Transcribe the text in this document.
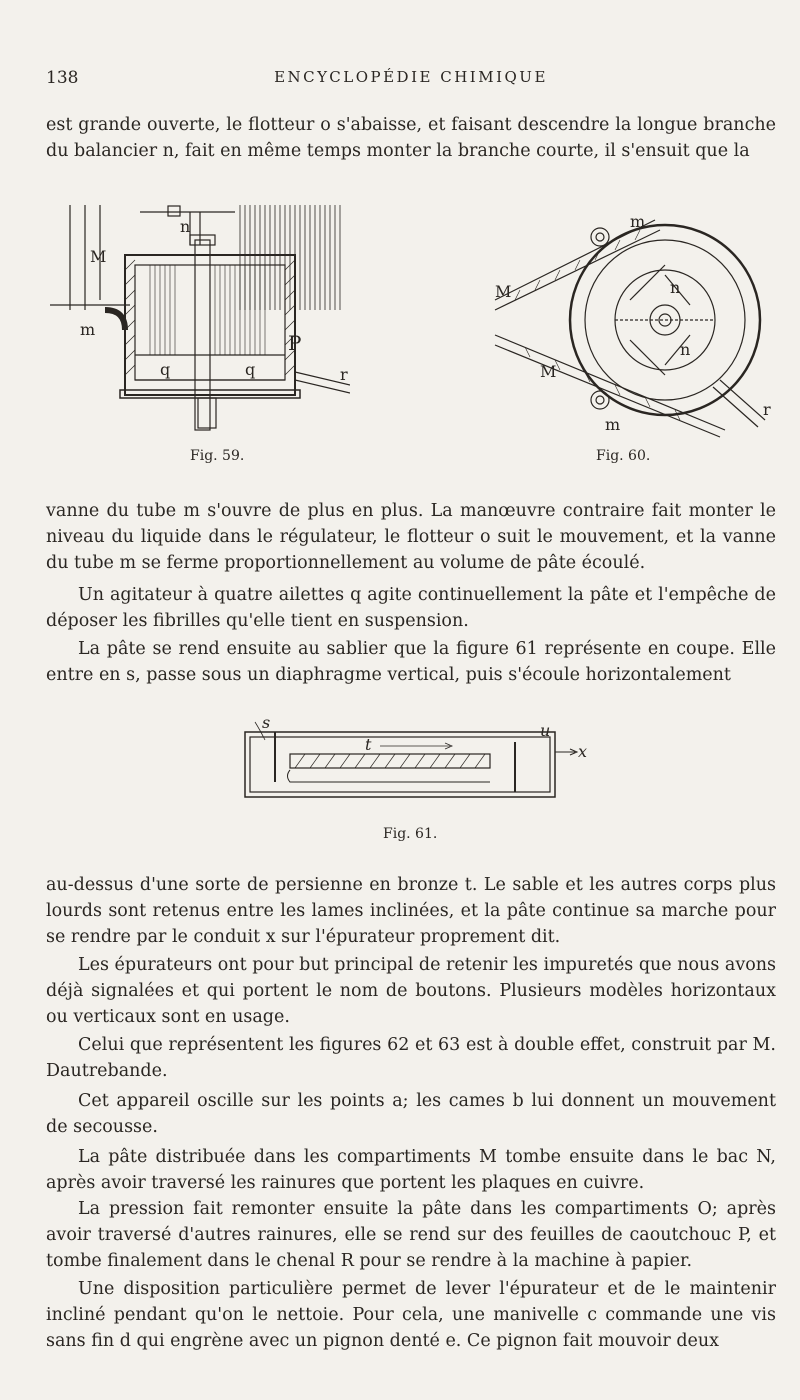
138	ENCYCLOPÉDIE CHIMIQUE
est grande ouverte, le flotteur o s'abaisse, et faisant descendre la longue branche du balancier n, fait en même temps monter la branche courte, il s'ensuit que la
n
M
m
P
q	q	r
Fig. 59.
m
M	n
n
M
m
r
Fig. 60.
vanne du tube m s'ouvre de plus en plus. La manœuvre contraire fait monter le niveau du liquide dans le régulateur, le flotteur o suit le mouvement, et la vanne du tube m se ferme proportionnellement au volume de pâte écoulé.
Un agitateur à quatre ailettes q agite continuellement la pâte et l'empêche de déposer les fibrilles qu'elle tient en suspension.
La pâte se rend ensuite au sablier que la figure 61 représente en coupe. Elle entre en s, passe sous un diaphragme vertical, puis s'écoule horizontalement
s
t
u
x
Fig. 61.
au-dessus d'une sorte de persienne en bronze t. Le sable et les autres corps plus lourds sont retenus entre les lames inclinées, et la pâte continue sa marche pour se rendre par le conduit x sur l'épurateur proprement dit.
Les épurateurs ont pour but principal de retenir les impuretés que nous avons déjà signalées et qui portent le nom de boutons. Plusieurs modèles horizontaux ou verticaux sont en usage.
Celui que représentent les figures 62 et 63 est à double effet, construit par M. Dautrebande.
Cet appareil oscille sur les points a; les cames b lui donnent un mouvement de secousse.
La pâte distribuée dans les compartiments M tombe ensuite dans le bac N, après avoir traversé les rainures que portent les plaques en cuivre.
La pression fait remonter ensuite la pâte dans les compartiments O; après avoir traversé d'autres rainures, elle se rend sur des feuilles de caoutchouc P, et tombe finalement dans le chenal R pour se rendre à la machine à papier.
Une disposition particulière permet de lever l'épurateur et de le maintenir incliné pendant qu'on le nettoie. Pour cela, une manivelle c commande une vis sans fin d qui engrène avec un pignon denté e. Ce pignon fait mouvoir deux
